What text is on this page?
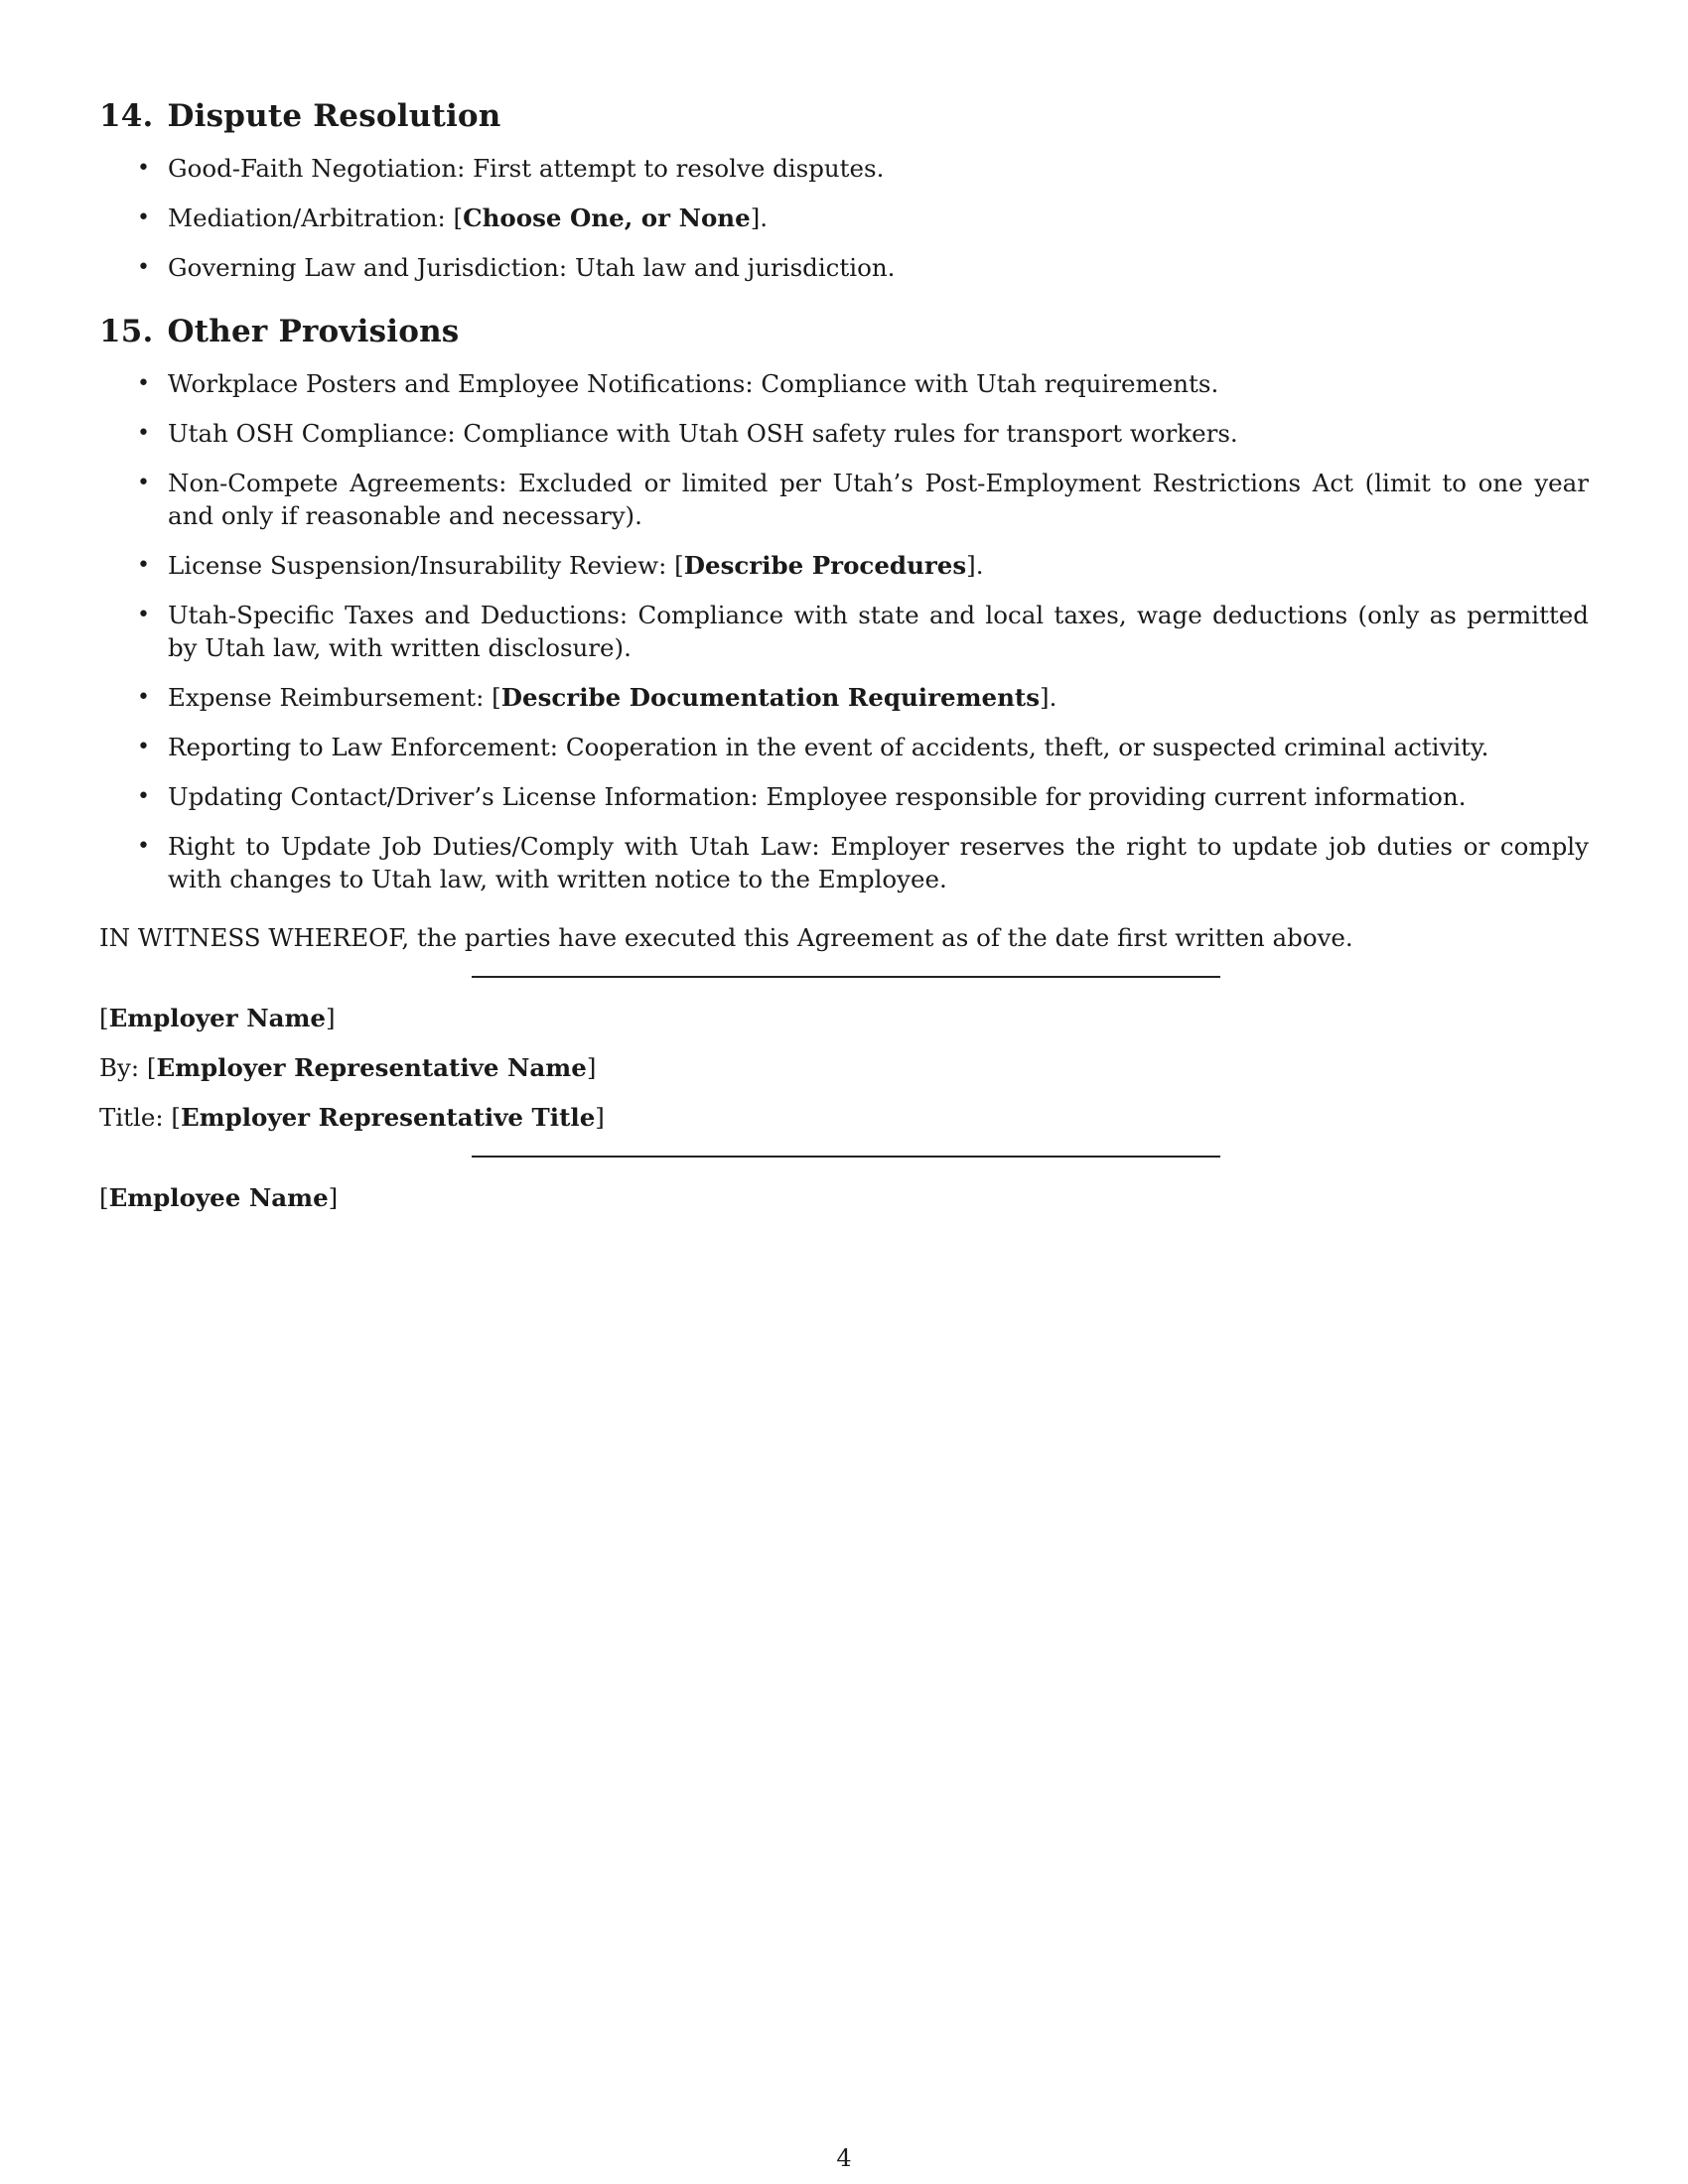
14. Dispute Resolution
• Good-Faith Negotiation: First attempt to resolve disputes.
• Mediation/Arbitration: [Choose One, or None].
• Governing Law and Jurisdiction: Utah law and jurisdiction.
15. Other Provisions
• Workplace Posters and Employee Notifications: Compliance with Utah requirements.
• Utah OSH Compliance: Compliance with Utah OSH safety rules for transport workers.
• Non-Compete Agreements: Excluded or limited per Utah’s Post-Employment Restrictions Act (limit to one year and only if reasonable and necessary).
• License Suspension/Insurability Review: [Describe Procedures].
• Utah-Specific Taxes and Deductions: Compliance with state and local taxes, wage deductions (only as permitted by Utah law, with written disclosure).
• Expense Reimbursement: [Describe Documentation Requirements].
• Reporting to Law Enforcement: Cooperation in the event of accidents, theft, or suspected criminal activity.
• Updating Contact/Driver’s License Information: Employee responsible for providing current information.
• Right to Update Job Duties/Comply with Utah Law: Employer reserves the right to update job duties or comply with changes to Utah law, with written notice to the Employee.

IN WITNESS WHEREOF, the parties have executed this Agreement as of the date first written above.

[Employer Name]

By: [Employer Representative Name]

Title: [Employer Representative Title]

[Employee Name]

4
